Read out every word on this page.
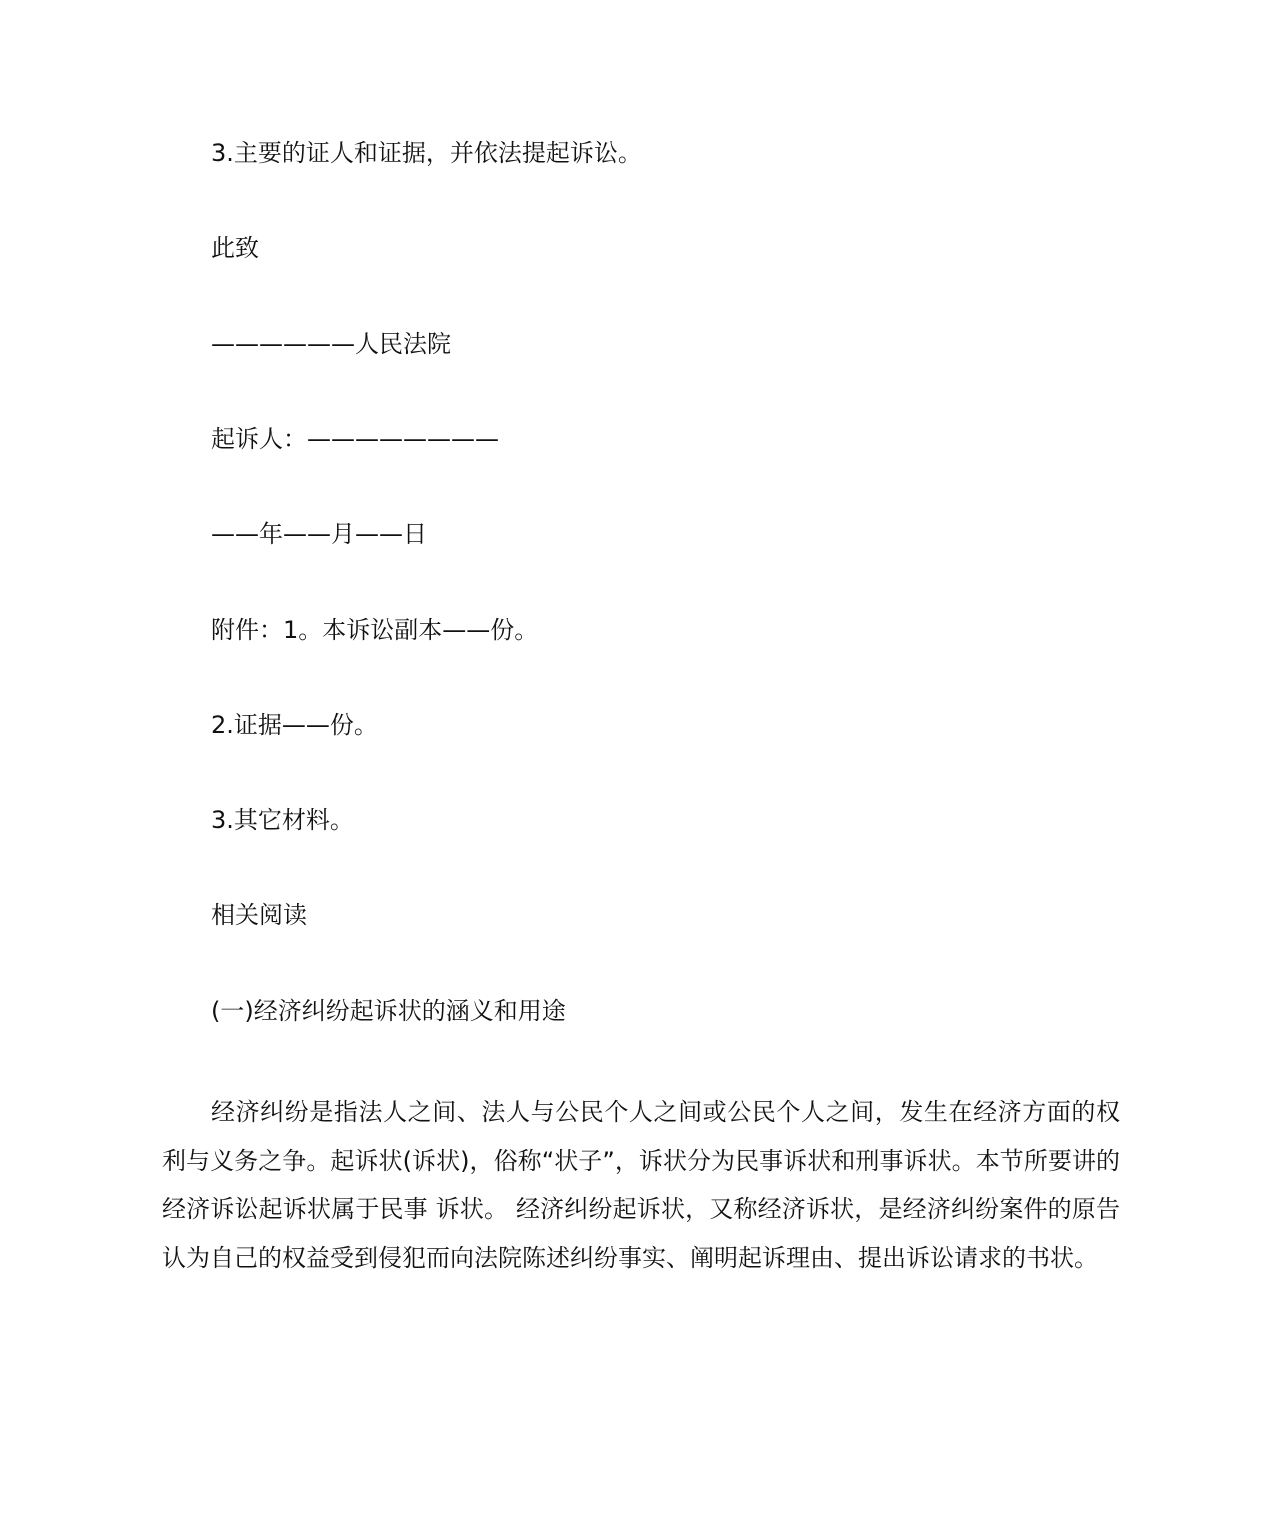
3.主要的证人和证据，并依法提起诉讼。
此致
——————人民法院
起诉人：————————
——年——月——日
附件：1。本诉讼副本——份。
2.证据——份。
3.其它材料。
相关阅读
(一)经济纠纷起诉状的涵义和用途
经济纠纷是指法人之间、法人与公民个人之间或公民个人之间，发生在经济方面的权利与义务之争。起诉状(诉状)，俗称“状子”，诉状分为民事诉状和刑事诉状。本节所要讲的经济诉讼起诉状属于民事 诉状。 经济纠纷起诉状，又称经济诉状，是经济纠纷案件的原告认为自己的权益受到侵犯而向法院陈述纠纷事实、阐明起诉理由、提出诉讼请求的书状。
